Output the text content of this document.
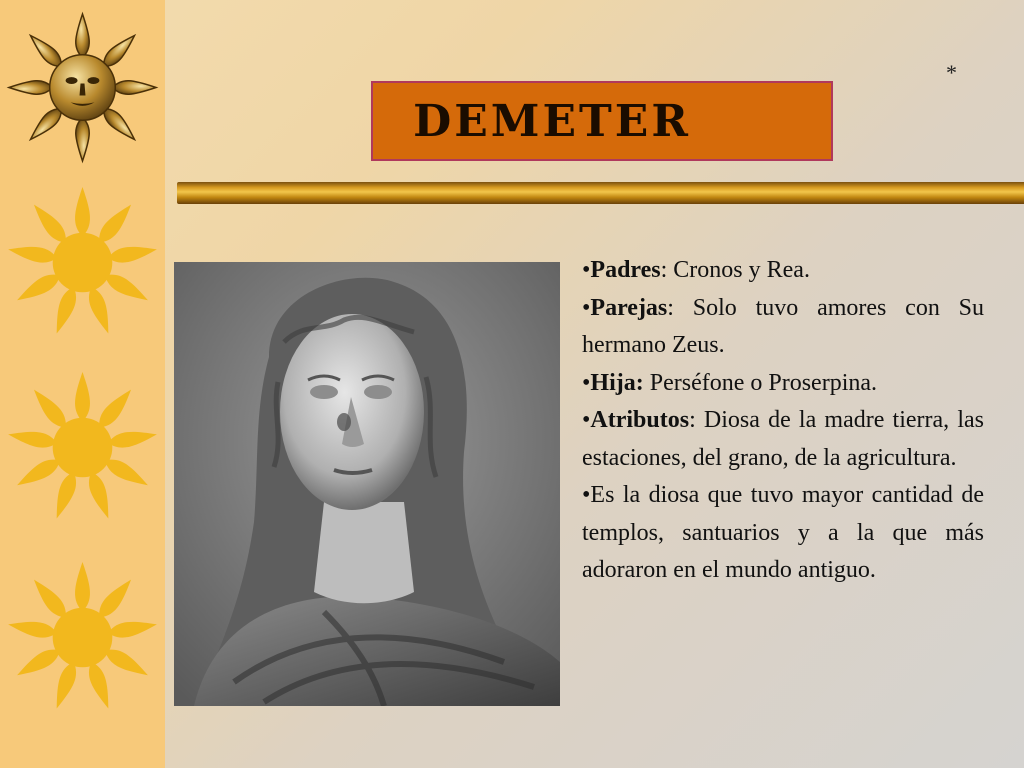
*
DEMETER

•Padres: Cronos y Rea.

•Parejas: Solo tuvo amores con Su hermano Zeus.

•Hija: Perséfone o Proserpina.

•Atributos: Diosa de la madre tierra, las estaciones, del grano, de la agricultura.

•Es la diosa que tuvo mayor cantidad de templos, santuarios y a la que más adoraron en el mundo antiguo.
